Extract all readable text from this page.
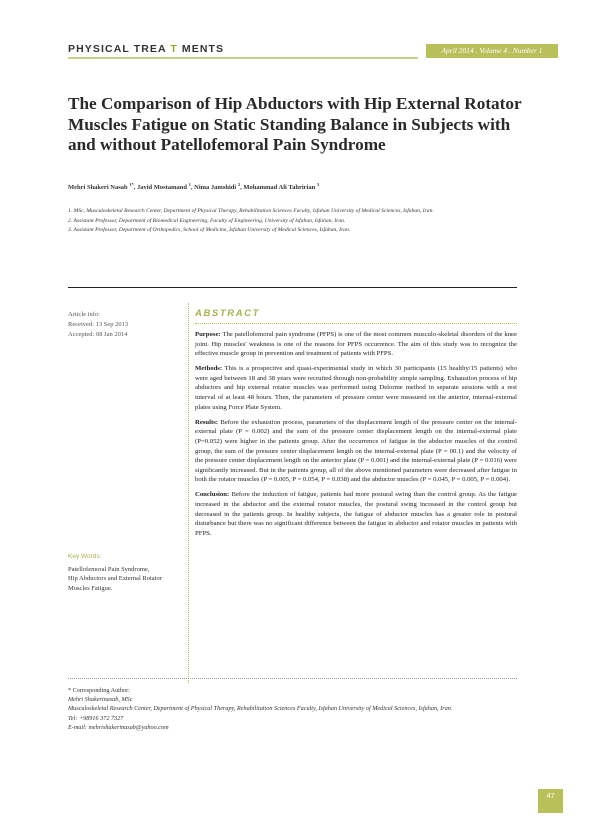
PHYSICAL TREA T MENTS	April 2014 . Volume 4 . Number 1
The Comparison of Hip Abductors with Hip External Rotator Muscles Fatigue on Static Standing Balance in Subjects with and without Patellofemoral Pain Syndrome
Mehri Shakeri Nasab $^{1*}$, Javid Mostamand $^1$, Nima Jamshidi $^2$, Mohammad Ali Tahririan $^3$
1. MSc, Musculoskeletal Research Center, Department of Physical Therapy, Rehabilitation Sciences Faculty, Isfahan University of Medical Sciences, Isfahan, Iran.
2. Assistant Professor, Department of Biomedical Engineering, Faculty of Engineering, University of Isfahan, Isfahan, Iran.
3. Assistant Professor, Department of Orthopedics, School of Medicine, Isfahan University of Medical Sciences, Isfahan, Iran.
Article info:
Received: 13 Sep 2013
Accepted: 08 Jan 2014
ABSTRACT

Purpose: The patellofemoral pain syndrome (PFPS) is one of the most common musculo-skeletal disorders of the knee joint. Hip muscles' weakness is one of the reasons for PFPS occurrence. The aim of this study was to recognize the effective muscle group in prevention and treatment of patients with PFPS.

Methods: This is a prospective and quasi-experimental study in which 30 participants (15 healthy/15 patients) who were aged between 18 and 38 years were recruited through non-probability simple sampling. Exhaustion process of hip abductors and hip external rotator muscles was performed using Delorme method in separate sessions with a rest interval of at least 48 hours. Then, the parameters of pressure center were measured on the anterior, internal-external plates using Force Plate System.

Results: Before the exhaustion process, parameters of the displacement length of the pressure center on the internal-external plate (P = 0.002) and the sum of the pressure center displacement length on the internal-external plate (P=0.052) were higher in the patients group. After the occurrence of fatigue in the abductor muscles of the control group, the sum of the pressure center displacement length on the internal-external plate (P = 00.1) and the velocity of the pressure center displacement length on the anterior plate (P = 0.001) and the internal-external plate (P = 0.016) were significantly increased. But in the patients group, all of the above mentioned parameters were decreased after fatigue in both the rotator muscles (P = 0.005, P = 0.054, P = 0.038) and the abductor muscles (P = 0.045, P = 0.005, P = 0.004).

Conclusion: Before the induction of fatigue, patients had more postural swing than the control group. As the fatigue increased in the abductor and the external rotator muscles, the postural swing increased in the control group but decreased in the patients group. In healthy subjects, the fatigue of abductor muscles has a greater role in postural disturbance but there was no significant difference between the fatigue in abductor and rotator muscles in patients with PFPS.

Key Words:
Patellofemoral Pain Syndrome,
Hip Abductors and External Rotator Muscles Fatigue.
* Corresponding Author:
Mehri Shakerinasab, MSc
Musculoskeletal Research Center, Department of Physical Therapy, Rehabilitation Sciences Faculty, Isfahan University of Medical Sciences, Isfahan, Iran.
Tel: +98916 372 7327
E-mail: mehrishakerinasab@yahoo.com
47
